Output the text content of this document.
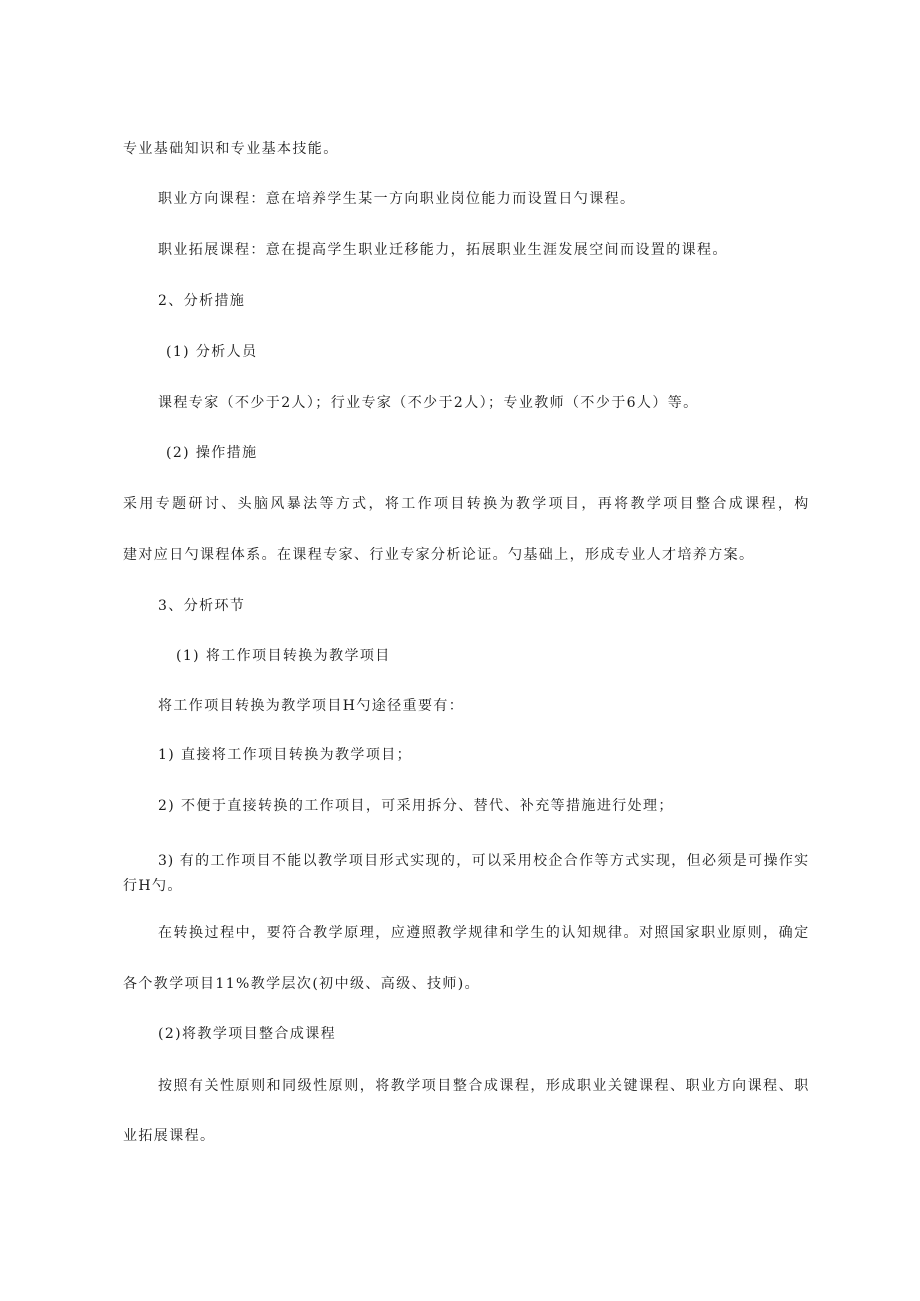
专业基础知识和专业基本技能。
职业方向课程：意在培养学生某一方向职业岗位能力而设置日勺课程。
职业拓展课程：意在提高学生职业迁移能力，拓展职业生涯发展空间而设置的课程。
2、分析措施
(1) 分析人员
课程专家（不少于2人）；行业专家（不少于2人）；专业教师（不少于6人）等。
(2) 操作措施
采用专题研讨、头脑风暴法等方式，将工作项目转换为教学项目，再将教学项目整合成课程，构
建对应日勺课程体系。在课程专家、行业专家分析论证。勺基础上，形成专业人才培养方案。
3、分析环节
(1) 将工作项目转换为教学项目
将工作项目转换为教学项目H勺途径重要有：
1) 直接将工作项目转换为教学项目；
2) 不便于直接转换的工作项目，可采用拆分、替代、补充等措施进行处理；
3) 有的工作项目不能以教学项目形式实现的，可以采用校企合作等方式实现，但必须是可操作实
行H勺。
在转换过程中，要符合教学原理，应遵照教学规律和学生的认知规律。对照国家职业原则，确定
各个教学项目11%教学层次(初中级、高级、技师)。
(2)将教学项目整合成课程
按照有关性原则和同级性原则，将教学项目整合成课程，形成职业关键课程、职业方向课程、职
业拓展课程。
